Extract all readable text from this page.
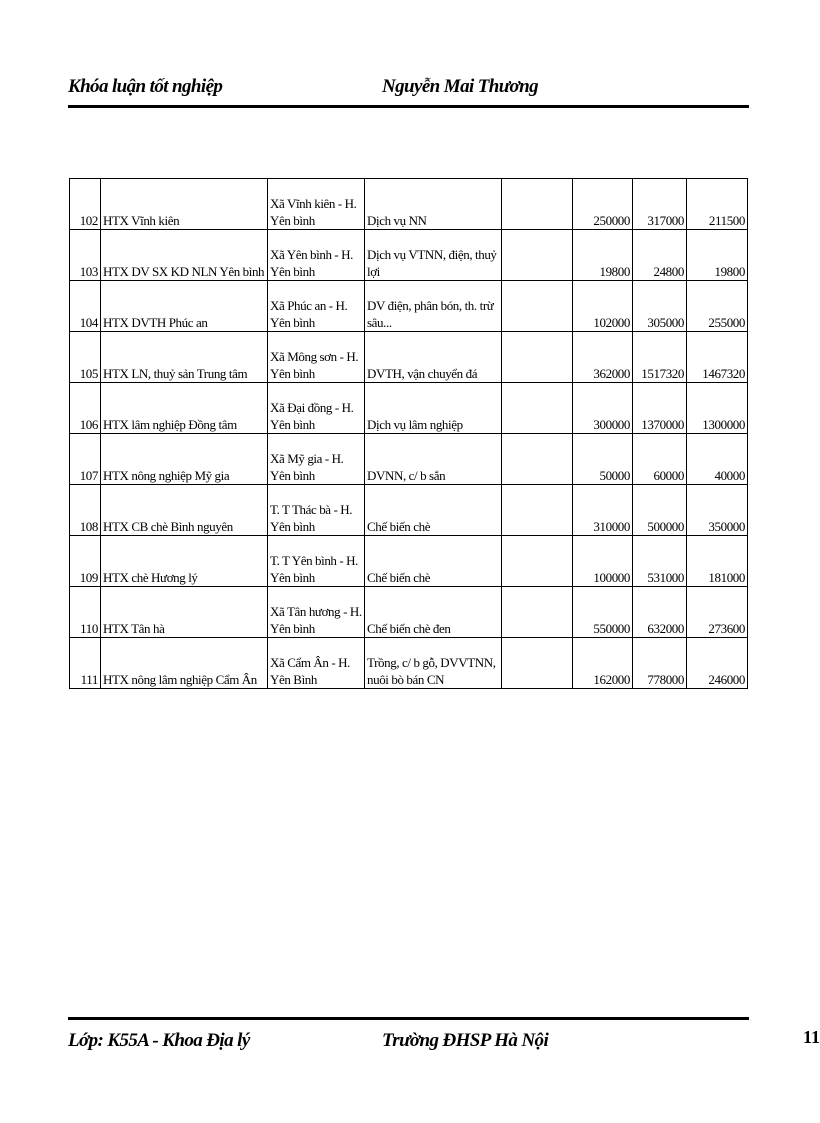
Khóa luận tốt nghiệp	Nguyễn Mai Thương
102	HTX Vĩnh kiên	Xã Vĩnh kiên - H. Yên bình	Dịch vụ NN		250000	317000	211500
103	HTX DV SX KD NLN Yên bình	Xã Yên bình - H. Yên bình	Dịch vụ VTNN, điện, thuỷ lợi		19800	24800	19800
104	HTX DVTH Phúc an	Xã Phúc an - H. Yên bình	DV điện, phân bón, th. trừ sâu...		102000	305000	255000
105	HTX LN, thuỷ sản Trung tâm	Xã Mông sơn - H. Yên bình	DVTH, vận chuyển đá		362000	1517320	1467320
106	HTX lâm nghiệp Đồng tâm	Xã Đại đồng - H. Yên bình	Dịch vụ lâm nghiệp		300000	1370000	1300000
107	HTX nông nghiệp Mỹ gia	Xã Mỹ gia - H. Yên bình	DVNN, c/ b sắn		50000	60000	40000
108	HTX CB chè Bình nguyên	T. T Thác bà - H. Yên bình	Chế biến chè		310000	500000	350000
109	HTX chè Hương lý	T. T Yên bình - H. Yên bình	Chế biến chè		100000	531000	181000
110	HTX Tân hà	Xã Tân hương - H. Yên bình	Chế biến chè đen		550000	632000	273600
111	HTX nông lâm nghiệp Cẩm Ân	Xã Cẩm Ân - H. Yên Bình	Trồng, c/ b gỗ, DVVTNN, nuôi bò bán CN		162000	778000	246000
Lớp: K55A - Khoa Địa lý	Trường ĐHSP Hà Nội	11
